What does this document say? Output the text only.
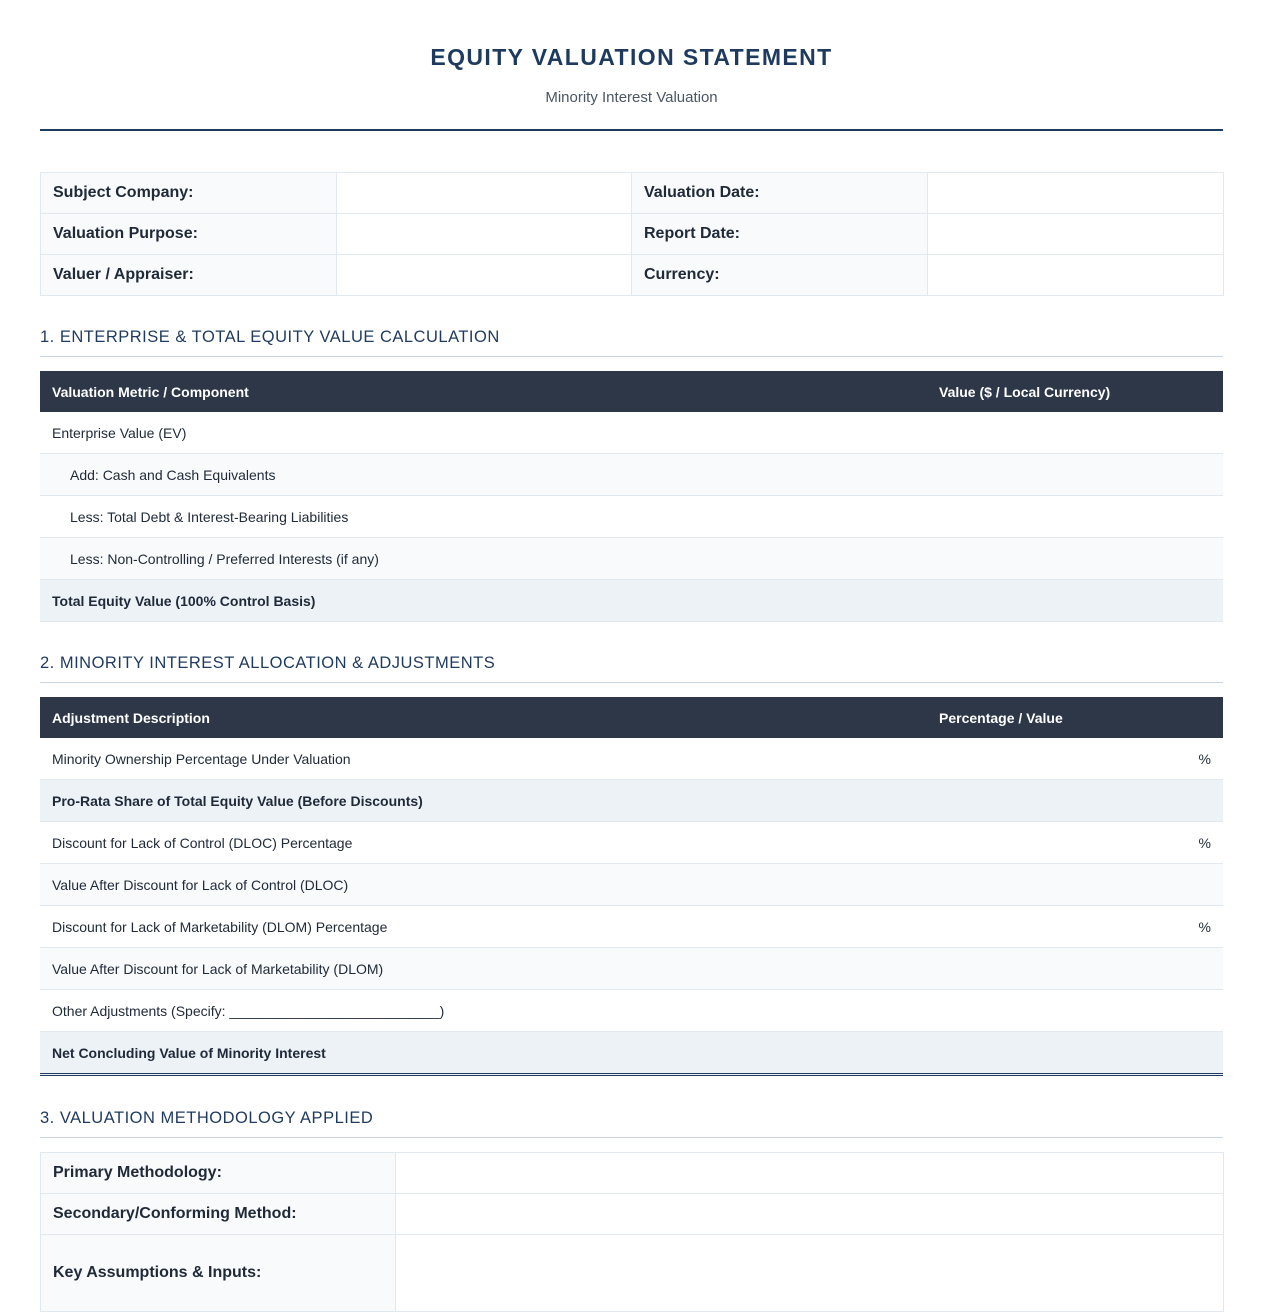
EQUITY VALUATION STATEMENT
Minority Interest Valuation
Subject Company:		Valuation Date:	
Valuation Purpose:		Report Date:	
Valuer / Appraiser:		Currency:	
1. ENTERPRISE & TOTAL EQUITY VALUE CALCULATION
Valuation Metric / Component	Value ($ / Local Currency)
Enterprise Value (EV)	
Add: Cash and Cash Equivalents	
Less: Total Debt & Interest-Bearing Liabilities	
Less: Non-Controlling / Preferred Interests (if any)	
Total Equity Value (100% Control Basis)	
2. MINORITY INTEREST ALLOCATION & ADJUSTMENTS
Adjustment Description	Percentage / Value
Minority Ownership Percentage Under Valuation	%
Pro-Rata Share of Total Equity Value (Before Discounts)	
Discount for Lack of Control (DLOC) Percentage	%
Value After Discount for Lack of Control (DLOC)	
Discount for Lack of Marketability (DLOM) Percentage	%
Value After Discount for Lack of Marketability (DLOM)	
Other Adjustments (Specify: ___________________________)	
Net Concluding Value of Minority Interest	
3. VALUATION METHODOLOGY APPLIED
Primary Methodology:	
Secondary/Conforming Method:	
Key Assumptions & Inputs:	
